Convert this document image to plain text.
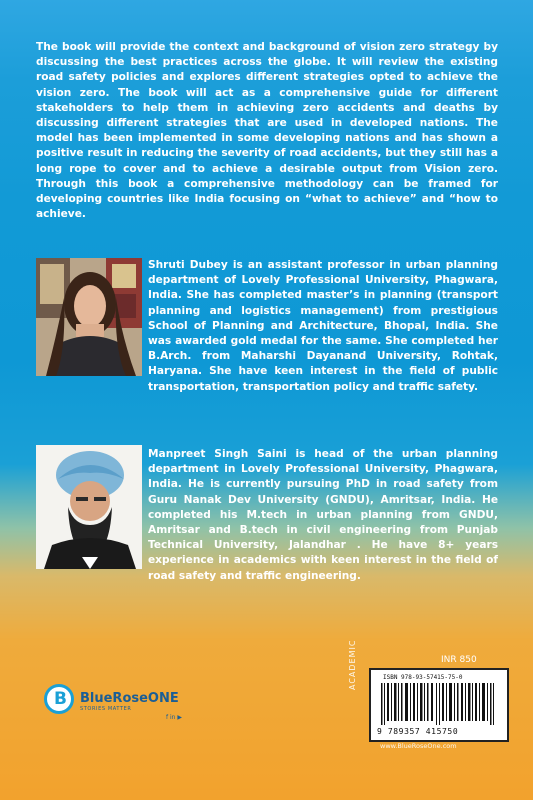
The book will provide the context and background of vision zero strategy by discussing the best practices across the globe. It will review the existing road safety policies and explores different strategies opted to achieve the vision zero. The book will act as a comprehensive guide for different stakeholders to help them in achieving zero accidents and deaths by discussing different strategies that are used in developed nations. The model has been implemented in some developing nations and has shown a positive result in reducing the severity of road accidents, but they still has a long rope to cover and to achieve a desirable output from Vision zero. Through this book a comprehensive methodology can be framed for developing countries like India focusing on “what to achieve” and “how to achieve.

Shruti Dubey is an assistant professor in urban planning department of Lovely Professional University, Phagwara, India. She has completed master’s in planning (transport planning and logistics management) from prestigious School of Planning and Architecture, Bhopal, India. She was awarded gold medal for the same. She completed her B.Arch. from Maharshi Dayanand University, Rohtak, Haryana. She have keen interest in the field of public transportation, transportation policy and traffic safety.

Manpreet Singh Saini is head of the urban planning department in Lovely Professional University, Phagwara, India. He is currently pursuing PhD in road safety from Guru Nanak Dev University (GNDU), Amritsar, India. He completed his M.tech in urban planning from GNDU, Amritsar and B.tech in civil engineering from Punjab Technical University, Jalandhar . He have 8+ years experience in academics with keen interest in the field of road safety and traffic engineering.

B BlueRoseONE
STORIES MATTER
f in ▶
ACADEMIC	INR 850
ISBN 978-93-57415-75-0
9 789357 415750
www.BlueRoseOne.com
